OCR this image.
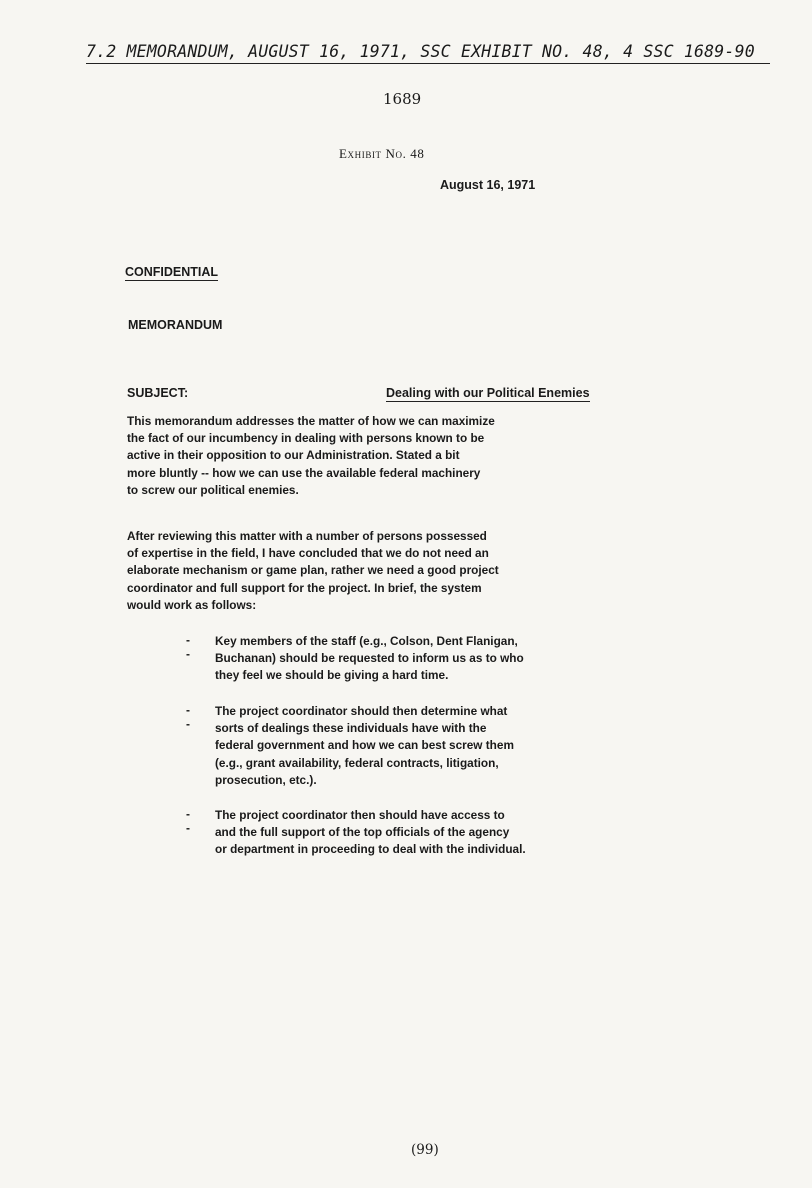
7.2 MEMORANDUM, AUGUST 16, 1971, SSC EXHIBIT NO. 48, 4 SSC 1689-90
1689
Exhibit No. 48
August 16, 1971
CONFIDENTIAL
MEMORANDUM
SUBJECT:	Dealing with our Political Enemies
This memorandum addresses the matter of how we can maximize
the fact of our incumbency in dealing with persons known to be
active in their opposition to our Administration. Stated a bit
more bluntly -- how we can use the available federal machinery
to screw our political enemies.
After reviewing this matter with a number of persons possessed
of expertise in the field, I have concluded that we do not need an
elaborate mechanism or game plan, rather we need a good project
coordinator and full support for the project. In brief, the system
would work as follows:
--
Key members of the staff (e.g., Colson, Dent Flanigan,
Buchanan) should be requested to inform us as to who
they feel we should be giving a hard time.
--
The project coordinator should then determine what
sorts of dealings these individuals have with the
federal government and how we can best screw them
(e.g., grant availability, federal contracts, litigation,
prosecution, etc.).
--
The project coordinator then should have access to
and the full support of the top officials of the agency
or department in proceeding to deal with the individual.
(99)
